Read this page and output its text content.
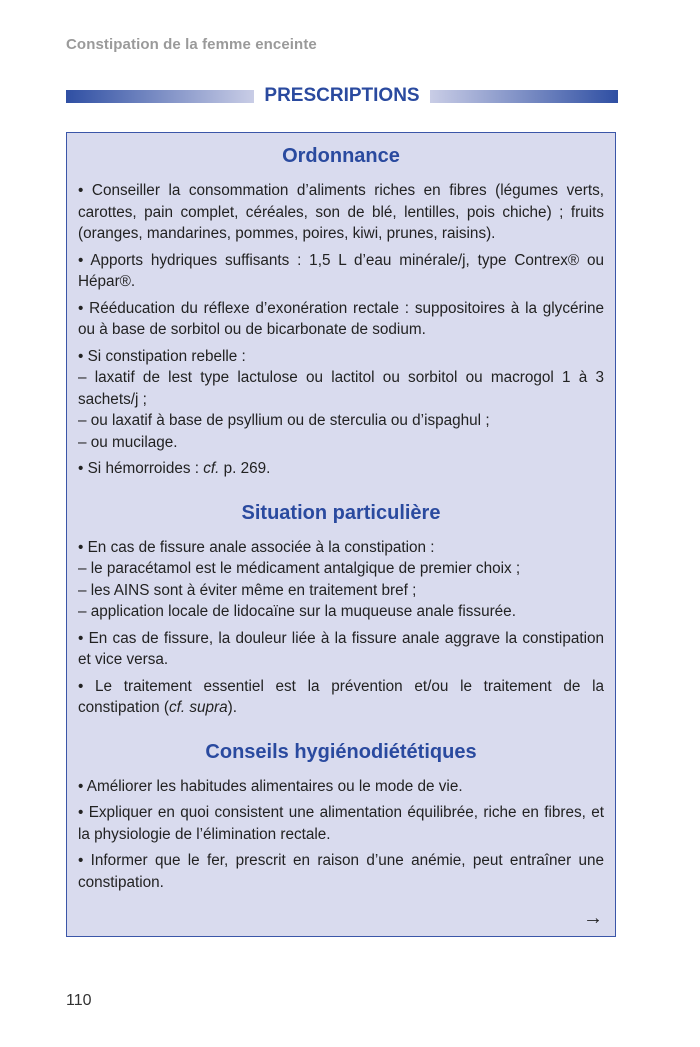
Constipation de la femme enceinte
PRESCRIPTIONS
Ordonnance
• Conseiller la consommation d’aliments riches en fibres (légumes verts, carottes, pain complet, céréales, son de blé, lentilles, pois chiche) ; fruits (oranges, mandarines, pommes, poires, kiwi, prunes, raisins).
• Apports hydriques suffisants : 1,5 L d’eau minérale/j, type Contrex® ou Hépar®.
• Rééducation du réflexe d’exonération rectale : suppositoires à la glycérine ou à base de sorbitol ou de bicarbonate de sodium.
• Si constipation rebelle :
– laxatif de lest type lactulose ou lactitol ou sorbitol ou macrogol 1 à 3 sachets/j ;
– ou laxatif à base de psyllium ou de sterculia ou d’ispaghul ;
– ou mucilage.
• Si hémorroides : cf. p. 269.
Situation particulière
• En cas de fissure anale associée à la constipation :
– le paracétamol est le médicament antalgique de premier choix ;
– les AINS sont à éviter même en traitement bref ;
– application locale de lidocaïne sur la muqueuse anale fissurée.
• En cas de fissure, la douleur liée à la fissure anale aggrave la constipation et vice versa.
• Le traitement essentiel est la prévention et/ou le traitement de la constipation (cf. supra).
Conseils hygiénodiététiques
• Améliorer les habitudes alimentaires ou le mode de vie.
• Expliquer en quoi consistent une alimentation équilibrée, riche en fibres, et la physiologie de l’élimination rectale.
• Informer que le fer, prescrit en raison d’une anémie, peut entraîner une constipation.
→
110
